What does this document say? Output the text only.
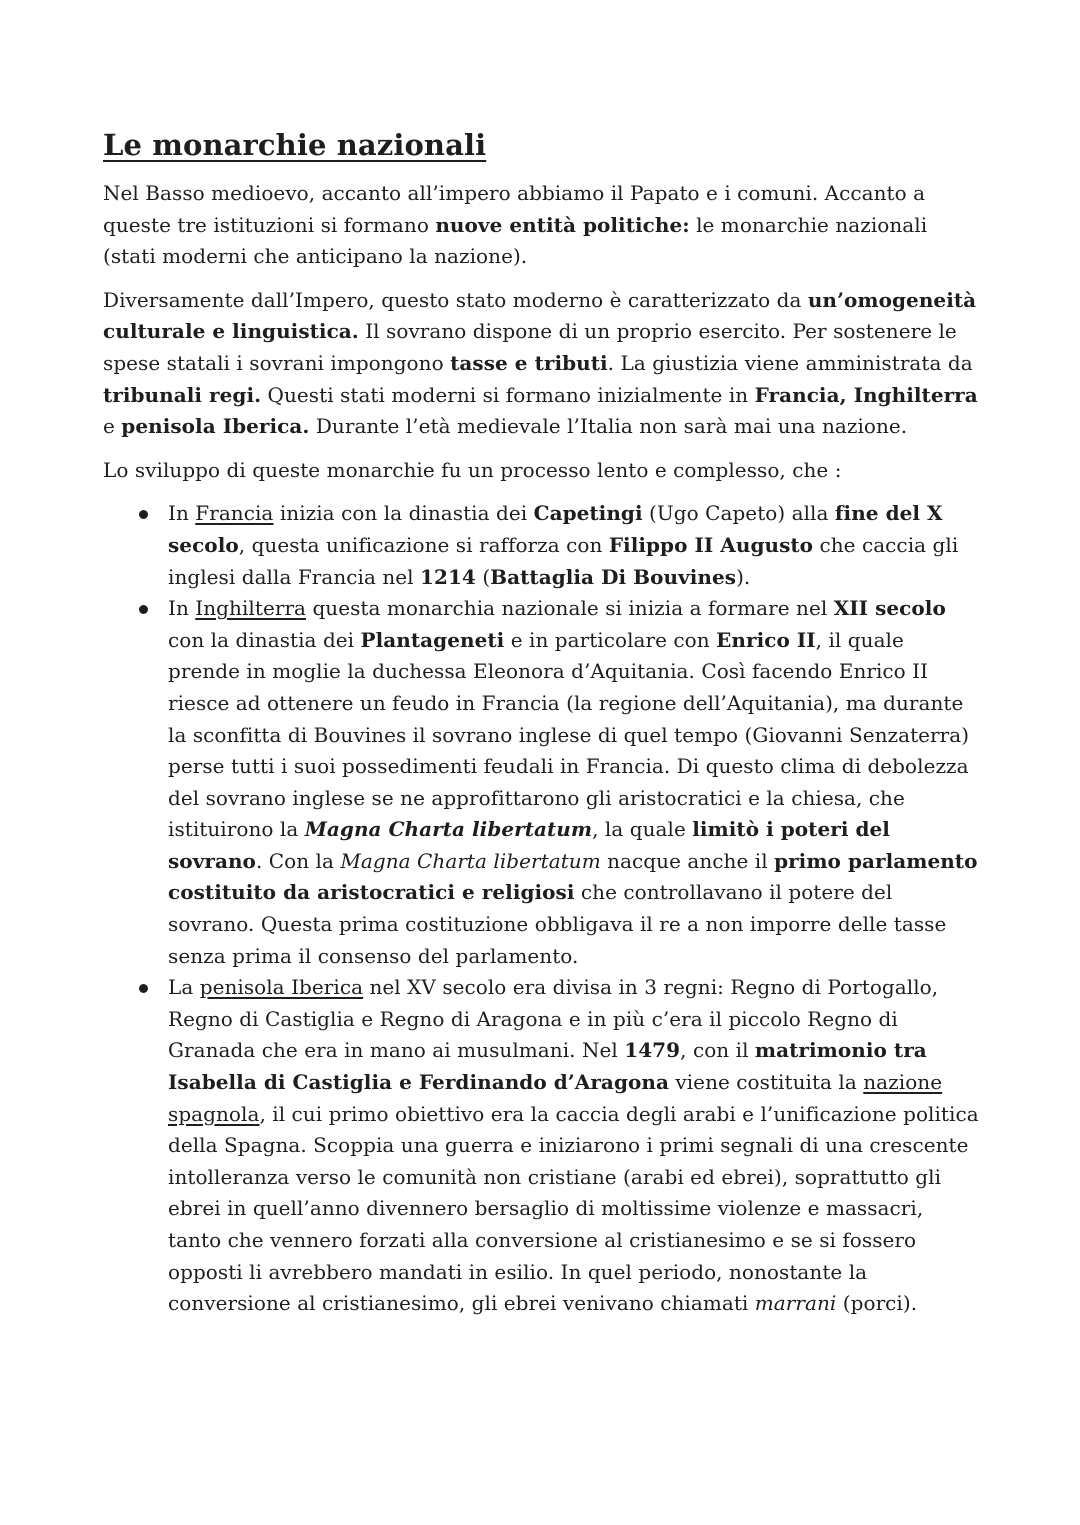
Le monarchie nazionali

Nel Basso medioevo, accanto all’impero abbiamo il Papato e i comuni. Accanto a queste tre istituzioni si formano nuove entità politiche: le monarchie nazionali (stati moderni che anticipano la nazione).

Diversamente dall’Impero, questo stato moderno è caratterizzato da un’omogeneità culturale e linguistica. Il sovrano dispone di un proprio esercito. Per sostenere le spese statali i sovrani impongono tasse e tributi. La giustizia viene amministrata da tribunali regi. Questi stati moderni si formano inizialmente in Francia, Inghilterra e penisola Iberica. Durante l’età medievale l’Italia non sarà mai una nazione.

Lo sviluppo di queste monarchie fu un processo lento e complesso, che :

In Francia inizia con la dinastia dei Capetingi (Ugo Capeto) alla fine del X secolo, questa unificazione si rafforza con Filippo II Augusto che caccia gli inglesi dalla Francia nel 1214 (Battaglia Di Bouvines).
In Inghilterra questa monarchia nazionale si inizia a formare nel XII secolo con la dinastia dei Plantageneti e in particolare con Enrico II, il quale prende in moglie la duchessa Eleonora d’Aquitania. Così facendo Enrico II riesce ad ottenere un feudo in Francia (la regione dell’Aquitania), ma durante la sconfitta di Bouvines il sovrano inglese di quel tempo (Giovanni Senzaterra) perse tutti i suoi possedimenti feudali in Francia. Di questo clima di debolezza del sovrano inglese se ne approfittarono gli aristocratici e la chiesa, che istituirono la Magna Charta libertatum, la quale limitò i poteri del sovrano. Con la Magna Charta libertatum nacque anche il primo parlamento costituito da aristocratici e religiosi che controllavano il potere del sovrano. Questa prima costituzione obbligava il re a non imporre delle tasse senza prima il consenso del parlamento.
La penisola Iberica nel XV secolo era divisa in 3 regni: Regno di Portogallo, Regno di Castiglia e Regno di Aragona e in più c’era il piccolo Regno di Granada che era in mano ai musulmani. Nel 1479, con il matrimonio tra Isabella di Castiglia e Ferdinando d’Aragona viene costituita la nazione spagnola, il cui primo obiettivo era la caccia degli arabi e l’unificazione politica della Spagna. Scoppia una guerra e iniziarono i primi segnali di una crescente intolleranza verso le comunità non cristiane (arabi ed ebrei), soprattutto gli ebrei in quell’anno divennero bersaglio di moltissime violenze e massacri, tanto che vennero forzati alla conversione al cristianesimo e se si fossero opposti li avrebbero mandati in esilio. In quel periodo, nonostante la conversione al cristianesimo, gli ebrei venivano chiamati marrani (porci).
